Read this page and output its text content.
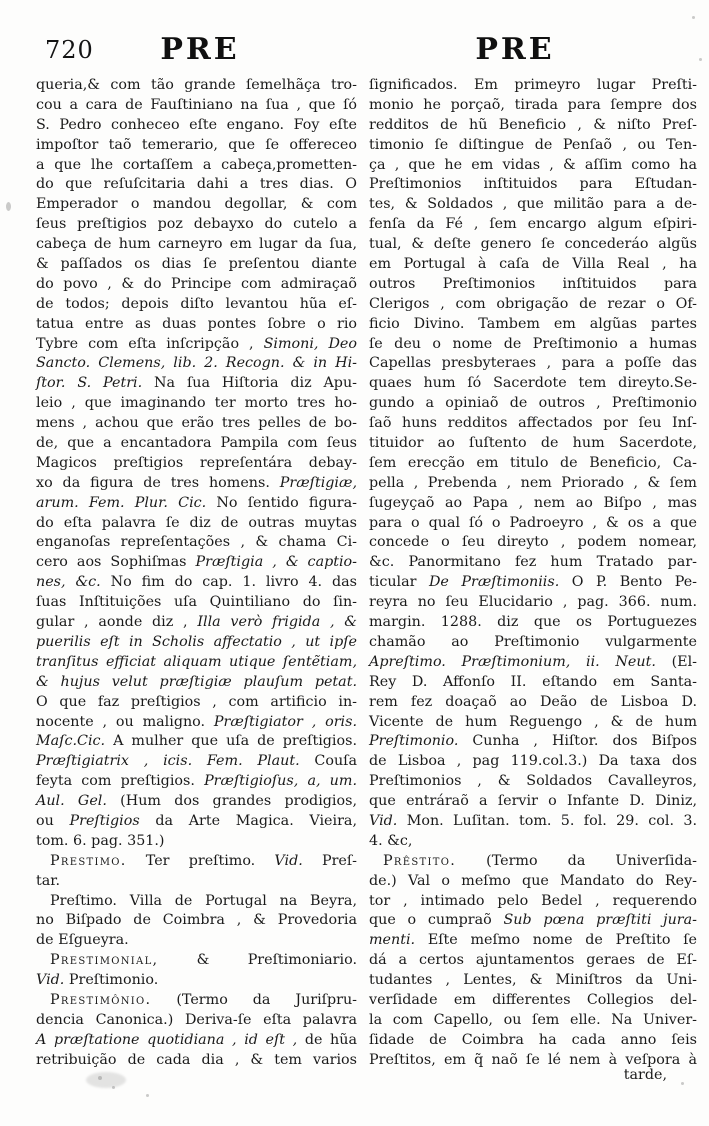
720	PRE	PRE
queria,& com tão grande ſemelhãça tro-
cou a cara de Fauſtiniano na ſua , que ſó
S. Pedro conheceo eſte engano. Foy eſte
impoſtor taõ temerario, que ſe offereceo
a que lhe cortaſſem a cabeça,prometten-
do que reſuſcitaria dahi a tres dias. O
Emperador o mandou degollar, & com
ſeus preſtigios poz debayxo do cutelo a
cabeça de hum carneyro em lugar da ſua,
& paſſados os dias ſe preſentou diante
do povo , & do Principe com admiraçaõ
de todos; depois diſto levantou hũa eſ-
tatua entre as duas pontes ſobre o rio
Tybre com eſta inſcripção , Simoni, Deo
Sancto. Clemens, lib. 2. Recogn. & in Hi-
ſtor. S. Petri. Na ſua Hiſtoria diz Apu-
leio , que imaginando ter morto tres ho-
mens , achou que erão tres pelles de bo-
de, que a encantadora Pampila com ſeus
Magicos preſtigios repreſentára debay-
xo da figura de tres homens. Præſtigiæ,
arum. Fem. Plur. Cic. No ſentido figura-
do eſta palavra ſe diz de outras muytas
enganoſas repreſentações , & chama Ci-
cero aos Sophiſmas Præſtigia , & captio-
nes, &c. No fim do cap. 1. livro 4. das
ſuas Inſtituições uſa Quintiliano do ſin-
gular , aonde diz , Illa verò frigida , &
puerilis eſt in Scholis affectatio , ut ipſe
tranſitus efficiat aliquam utique ſentẽtiam,
& hujus velut præſtigiæ plauſum petat.
O que faz preſtigios , com artificio in-
nocente , ou maligno. Præſtigiator , oris.
Maſc.Cic. A mulher que uſa de preſtigios.
Præſtigiatrix , icis. Fem. Plaut. Couſa
feyta com preſtigios. Præſtigioſus, a, um.
Aul. Gel. (Hum dos grandes prodigios,
ou Preſtigios da Arte Magica. Vieira,
tom. 6. pag. 351.)
Prestimo. Ter preſtimo. Vid. Preſ-
tar.
Preſtimo. Villa de Portugal na Beyra,
no Biſpado de Coimbra , & Provedoria
de Eſgueyra.
Prestimonial, & Preſtimoniario.
Vid. Preſtimonio.
Prestimônio. (Termo da Juriſpru-
dencia Canonica.) Deriva-ſe eſta palavra
A præſtatione quotidiana , id eſt , de hũa
retribuição de cada dia , & tem varios
ſignificados. Em primeyro lugar Preſti-
monio he porçaõ, tirada para ſempre dos
redditos de hũ Beneficio , & niſto Preſ-
timonio ſe diſtingue de Penſaõ , ou Ten-
ça , que he em vidas , & aſſim como ha
Preſtimonios inſtituidos para Eſtudan-
tes, & Soldados , que militão para a de-
fenſa da Fé , ſem encargo algum eſpiri-
tual, & deſte genero ſe concederáo algũs
em Portugal à caſa de Villa Real , ha
outros Preſtimonios inſtituidos para
Clerigos , com obrigação de rezar o Of-
ficio Divino. Tambem em algũas partes
ſe deu o nome de Preſtimonio a humas
Capellas presbyteraes , para a poſſe das
quaes hum ſó Sacerdote tem direyto.Se-
gundo a opiniaõ de outros , Preſtimonio
ſaõ huns redditos affectados por ſeu Inſ-
tituidor ao ſuſtento de hum Sacerdote,
ſem erecção em titulo de Beneficio, Ca-
pella , Prebenda , nem Priorado , & ſem
ſugeyçaõ ao Papa , nem ao Biſpo , mas
para o qual ſó o Padroeyro , & os a que
concede o ſeu direyto , podem nomear,
&c. Panormitano fez hum Tratado par-
ticular De Præſtimoniis. O P. Bento Pe-
reyra no ſeu Elucidario , pag. 366. num.
margin. 1288. diz que os Portuguezes
chamão ao Preſtimonio vulgarmente
Apreſtimo. Præſtimonium, ii. Neut. (El-
Rey D. Affonſo II. eſtando em Santa-
rem fez doaçaõ ao Deão de Lisboa D.
Vicente de hum Reguengo , & de hum
Preſtimonio. Cunha , Hiſtor. dos Biſpos
de Lisboa , pag 119.col.3.) Da taxa dos
Preſtimonios , & Soldados Cavalleyros,
que entráraõ a ſervir o Infante D. Diniz,
Vid. Mon. Luſitan. tom. 5. fol. 29. col. 3.
4. &c,
Prêstito. (Termo da Univerſida-
de.) Val o meſmo que Mandato do Rey-
tor , intimado pelo Bedel , requerendo
que o cumpraõ Sub pœna præſtiti jura-
menti. Eſte meſmo nome de Preſtito ſe
dá a certos ajuntamentos geraes de Eſ-
tudantes , Lentes, & Miniſtros da Uni-
verſidade em differentes Collegios del-
la com Capello, ou ſem elle. Na Univer-
ſidade de Coimbra ha cada anno ſeis
Preſtitos, em q̃ naõ ſe lé nem à veſpora à
tarde,
